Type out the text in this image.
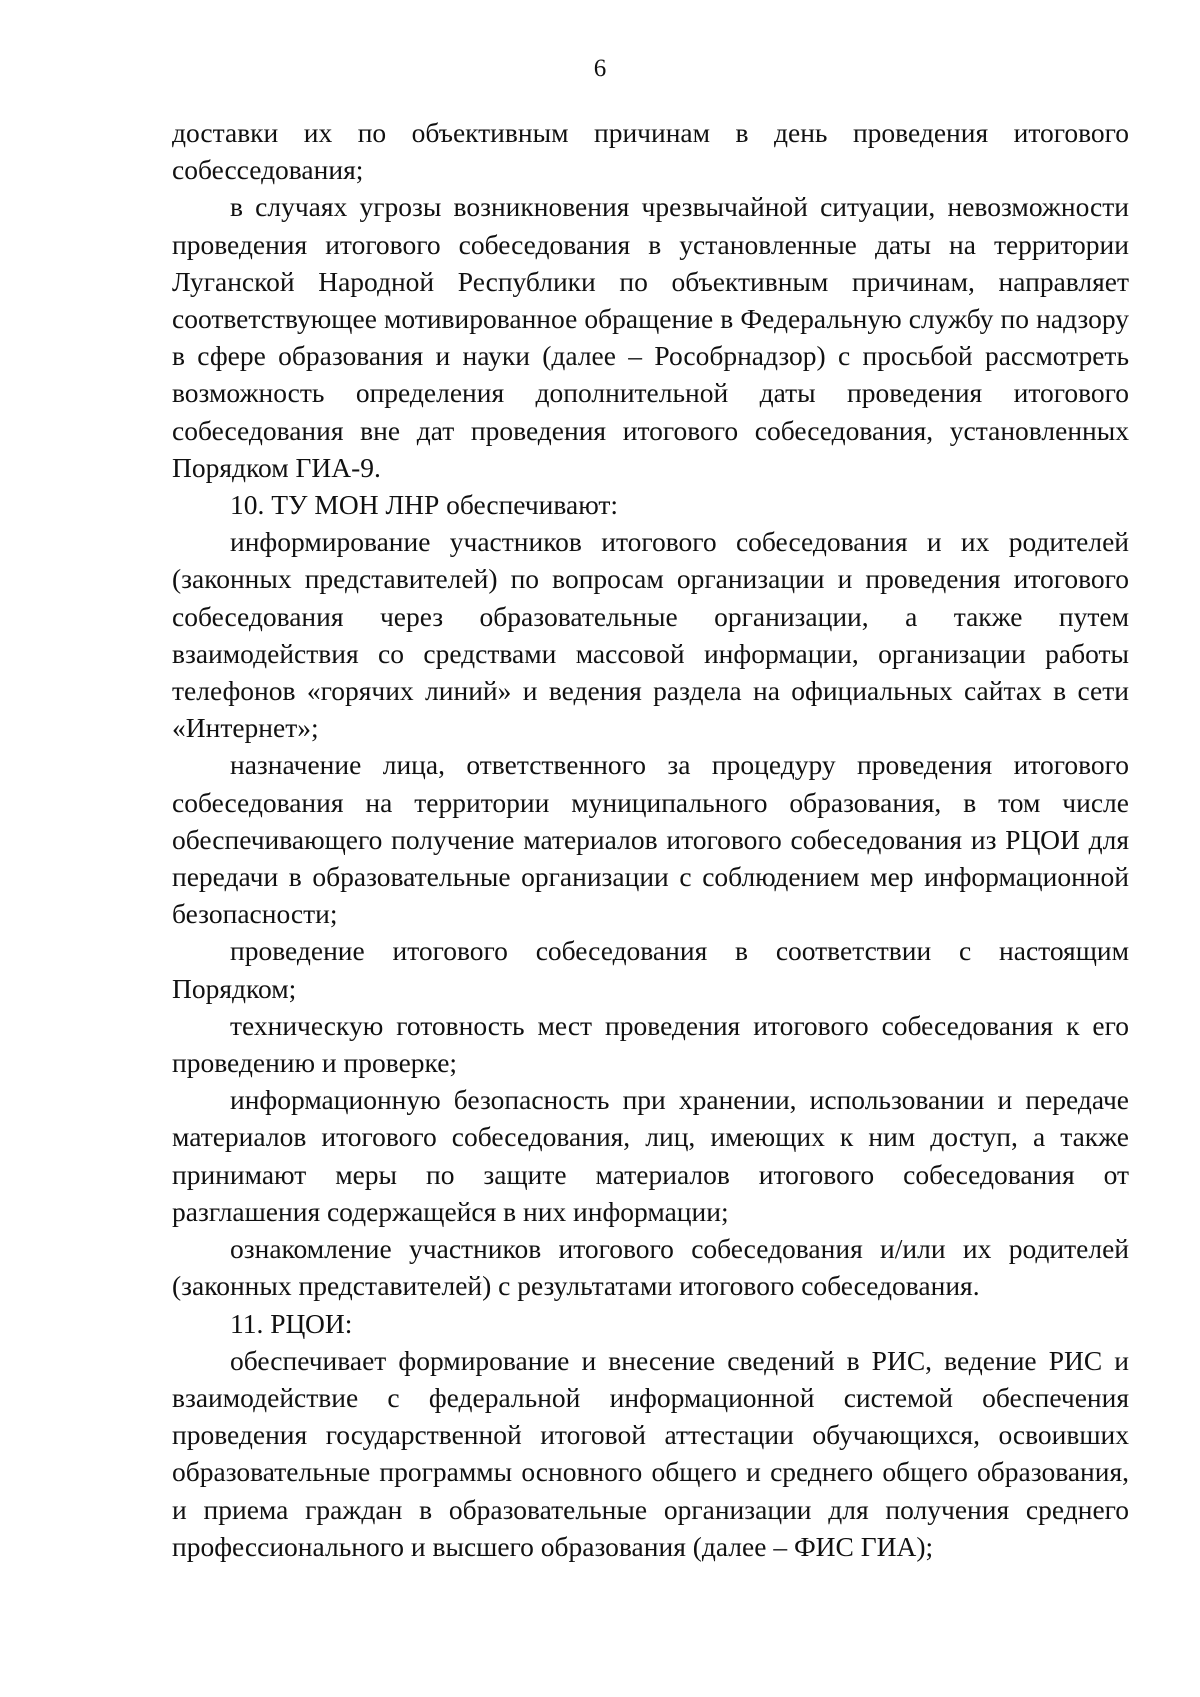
6

доставки их по объективным причинам в день проведения итогового собесседования;

в случаях угрозы возникновения чрезвычайной ситуации, невозможности проведения итогового собеседования в установленные даты на территории Луганской Народной Республики по объективным причинам, направляет соответствующее мотивированное обращение в Федеральную службу по надзору в сфере образования и науки (далее – Рособрнадзор) с просьбой рассмотреть возможность определения дополнительной даты проведения итогового собеседования вне дат проведения итогового собеседования, установленных Порядком ГИА-9.

10. ТУ МОН ЛНР обеспечивают:

информирование участников итогового собеседования и их родителей (законных представителей) по вопросам организации и проведения итогового собеседования через образовательные организации, а также путем взаимодействия со средствами массовой информации, организации работы телефонов «горячих линий» и ведения раздела на официальных сайтах в сети «Интернет»;

назначение лица, ответственного за процедуру проведения итогового собеседования на территории муниципального образования, в том числе обеспечивающего получение материалов итогового собеседования из РЦОИ для передачи в образовательные организации с соблюдением мер информационной безопасности;

проведение итогового собеседования в соответствии с настоящим Порядком;

техническую готовность мест проведения итогового собеседования к его проведению и проверке;

информационную безопасность при хранении, использовании и передаче материалов итогового собеседования, лиц, имеющих к ним доступ, а также принимают меры по защите материалов итогового собеседования от разглашения содержащейся в них информации;

ознакомление участников итогового собеседования и/или их родителей (законных представителей) с результатами итогового собеседования.

11. РЦОИ:

обеспечивает формирование и внесение сведений в РИС, ведение РИС и взаимодействие с федеральной информационной системой обеспечения проведения государственной итоговой аттестации обучающихся, освоивших образовательные программы основного общего и среднего общего образования, и приема граждан в образовательные организации для получения среднего профессионального и высшего образования (далее – ФИС ГИА);
